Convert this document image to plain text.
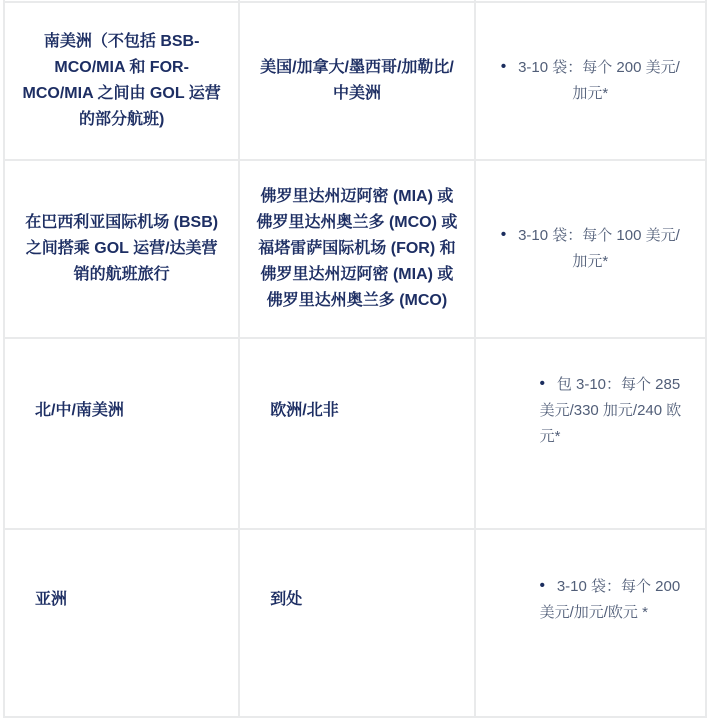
南美洲（不包括 BSB-MCO/MIA 和 FOR-MCO/MIA 之间由 GOL 运营的部分航班)
美国/加拿大/墨西哥/加勒比/中美洲
• 3-10 袋：每个 200 美元/加元*
在巴西利亚国际机场 (BSB) 之间搭乘 GOL 运营/达美营销的航班旅行
佛罗里达州迈阿密 (MIA) 或佛罗里达州奥兰多 (MCO) 或福塔雷萨国际机场 (FOR) 和佛罗里达州迈阿密 (MIA) 或佛罗里达州奥兰多 (MCO)
• 3-10 袋：每个 100 美元/加元*
北/中/南美洲	欧洲/北非
• 包 3-10：每个 285 美元/330 加元/240 欧元*
亚洲	到处
• 3-10 袋：每个 200 美元/加元/欧元 *
